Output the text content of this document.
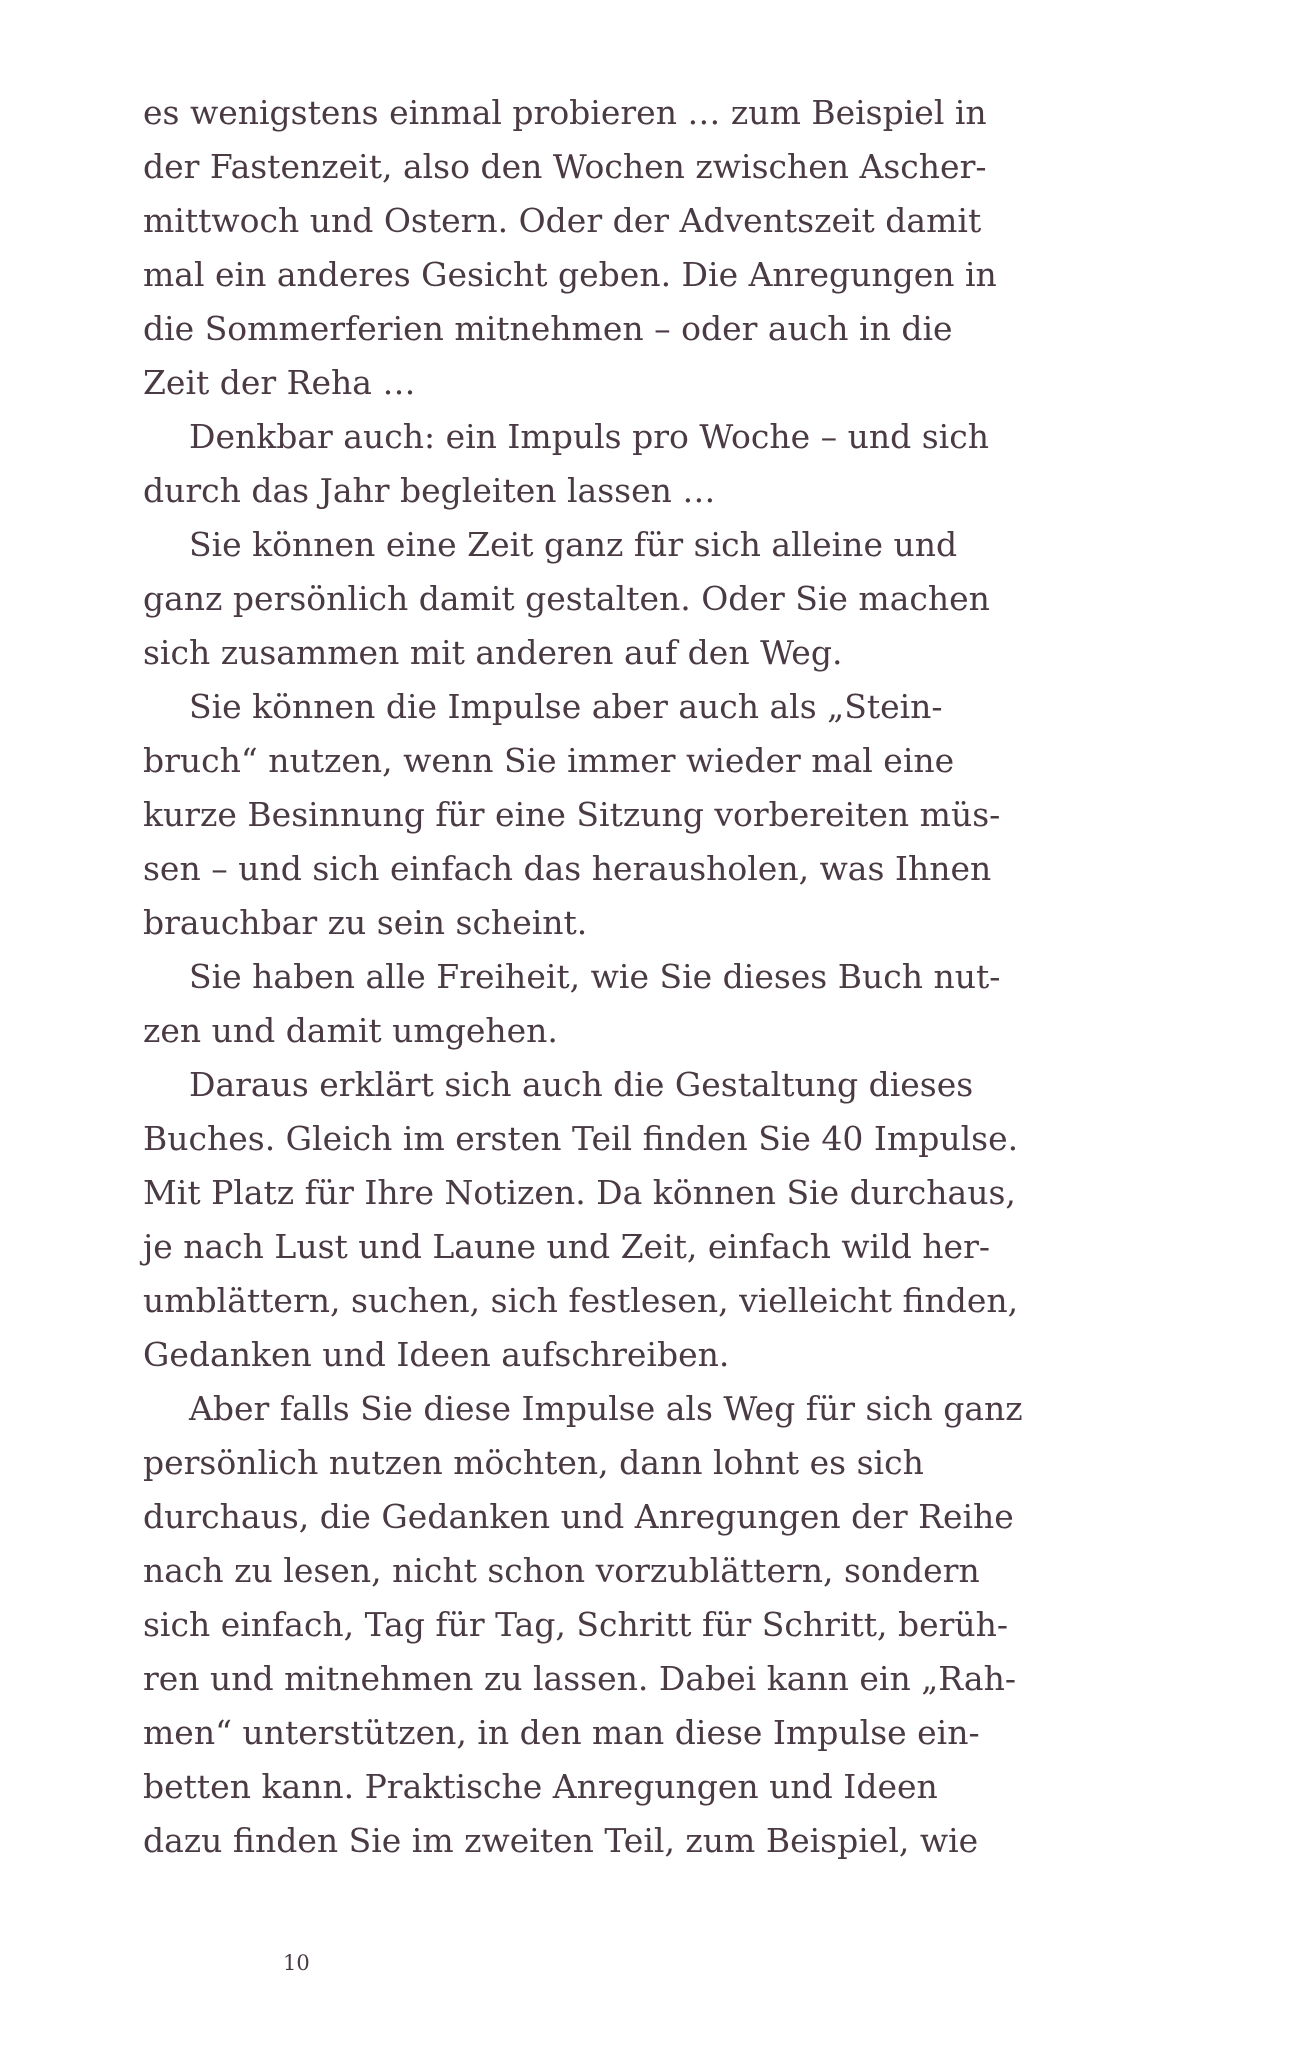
es wenigstens einmal probieren … zum Beispiel in
der Fastenzeit, also den Wochen zwischen Ascher-
mittwoch und Ostern. Oder der Adventszeit damit
mal ein anderes Gesicht geben. Die Anregungen in
die Sommerferien mitnehmen – oder auch in die
Zeit der Reha …
Denkbar auch: ein Impuls pro Woche – und sich
durch das Jahr begleiten lassen …
Sie können eine Zeit ganz für sich alleine und
ganz persönlich damit gestalten. Oder Sie machen
sich zusammen mit anderen auf den Weg.
Sie können die Impulse aber auch als „Stein-
bruch“ nutzen, wenn Sie immer wieder mal eine
kurze Besinnung für eine Sitzung vorbereiten müs-
sen – und sich einfach das herausholen, was Ihnen
brauchbar zu sein scheint.
Sie haben alle Freiheit, wie Sie dieses Buch nut-
zen und damit umgehen.
Daraus erklärt sich auch die Gestaltung dieses
Buches. Gleich im ersten Teil finden Sie 40 Impulse.
Mit Platz für Ihre Notizen. Da können Sie durchaus,
je nach Lust und Laune und Zeit, einfach wild her-
umblättern, suchen, sich festlesen, vielleicht finden,
Gedanken und Ideen aufschreiben.
Aber falls Sie diese Impulse als Weg für sich ganz
persönlich nutzen möchten, dann lohnt es sich
durchaus, die Gedanken und Anregungen der Reihe
nach zu lesen, nicht schon vorzublättern, sondern
sich einfach, Tag für Tag, Schritt für Schritt, berüh-
ren und mitnehmen zu lassen. Dabei kann ein „Rah-
men“ unterstützen, in den man diese Impulse ein-
betten kann. Praktische Anregungen und Ideen
dazu finden Sie im zweiten Teil, zum Beispiel, wie
10
